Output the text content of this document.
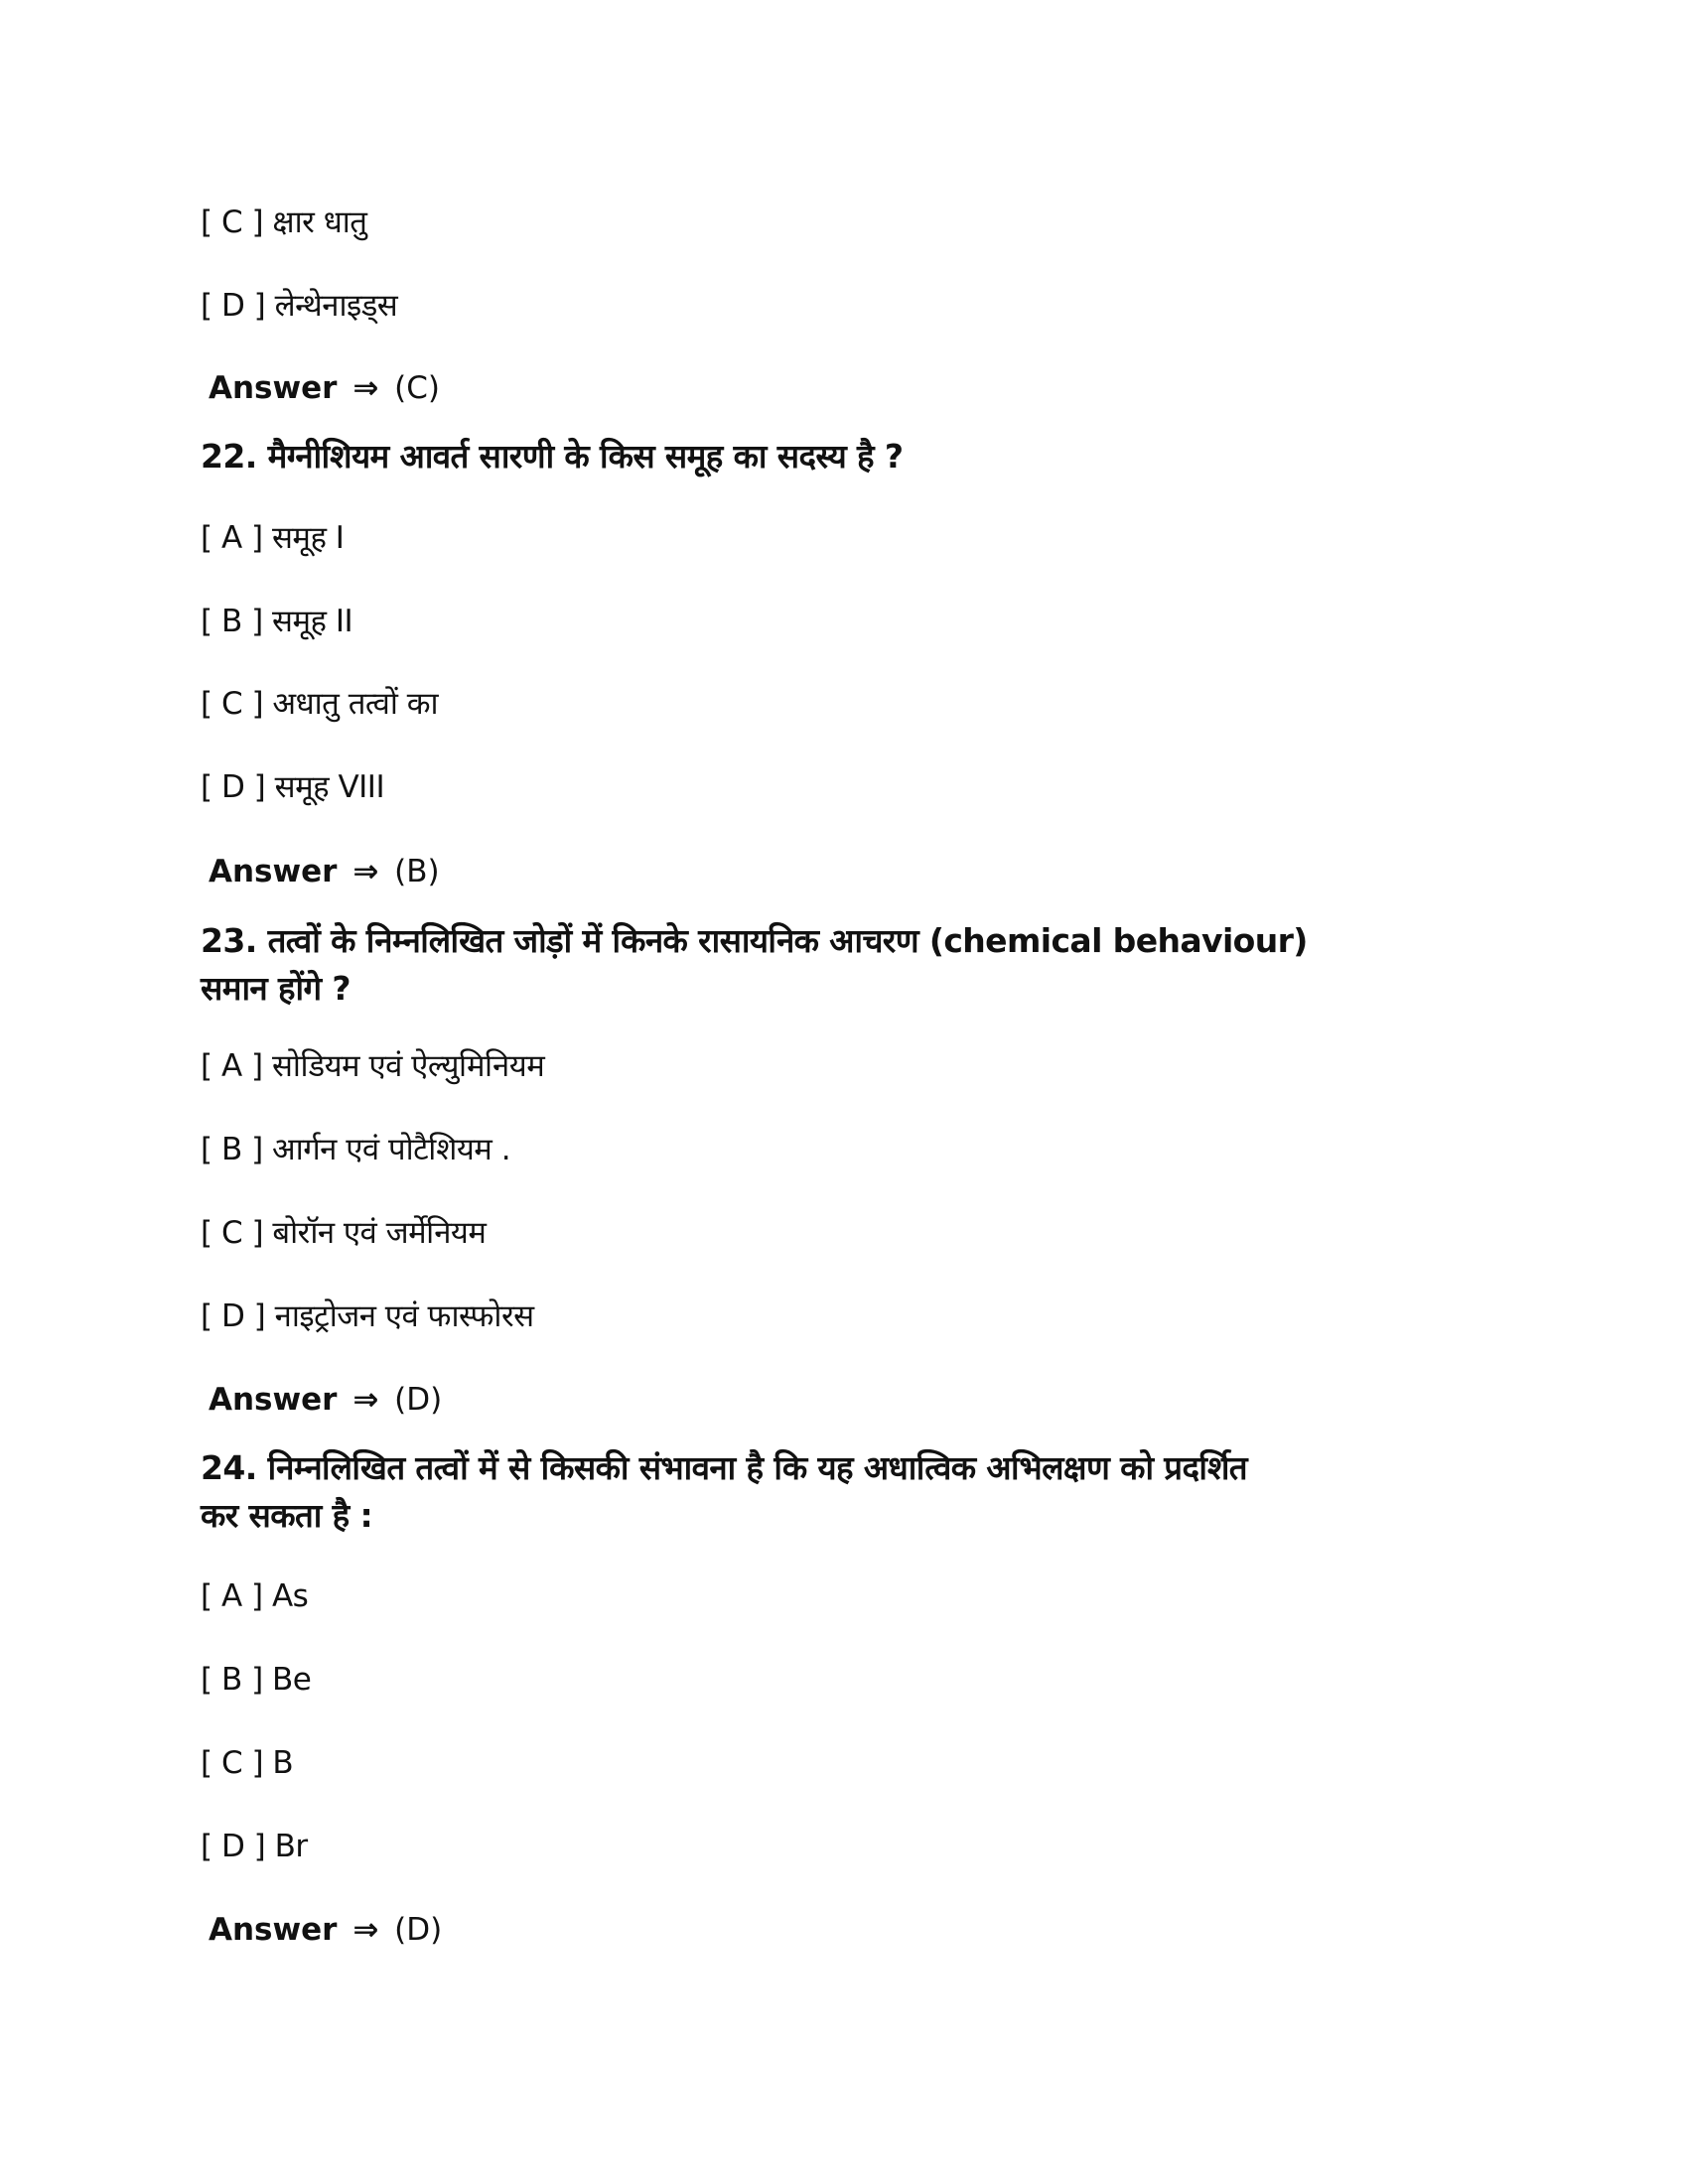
[ C ] क्षार धातु
[ D ] लेन्थेनाइड्स
Answer ⇒ (C)
22. मैग्नीशियम आवर्त सारणी के किस समूह का सदस्य है ?
[ A ] समूह I
[ B ] समूह II
[ C ] अधातु तत्वों का
[ D ] समूह VIII
Answer ⇒ (B)
23. तत्वों के निम्नलिखित जोड़ों में किनके रासायनिक आचरण (chemical behaviour)
समान होंगे ?
[ A ] सोडियम एवं ऐल्युमिनियम
[ B ] आर्गन एवं पोटैशियम .
[ C ] बोरॉन एवं जर्मेनियम
[ D ] नाइट्रोजन एवं फास्फोरस
Answer ⇒ (D)
24. निम्नलिखित तत्वों में से किसकी संभावना है कि यह अधात्विक अभिलक्षण को प्रदर्शित
कर सकता है :
[ A ] As
[ B ] Be
[ C ] B
[ D ] Br
Answer ⇒ (D)
